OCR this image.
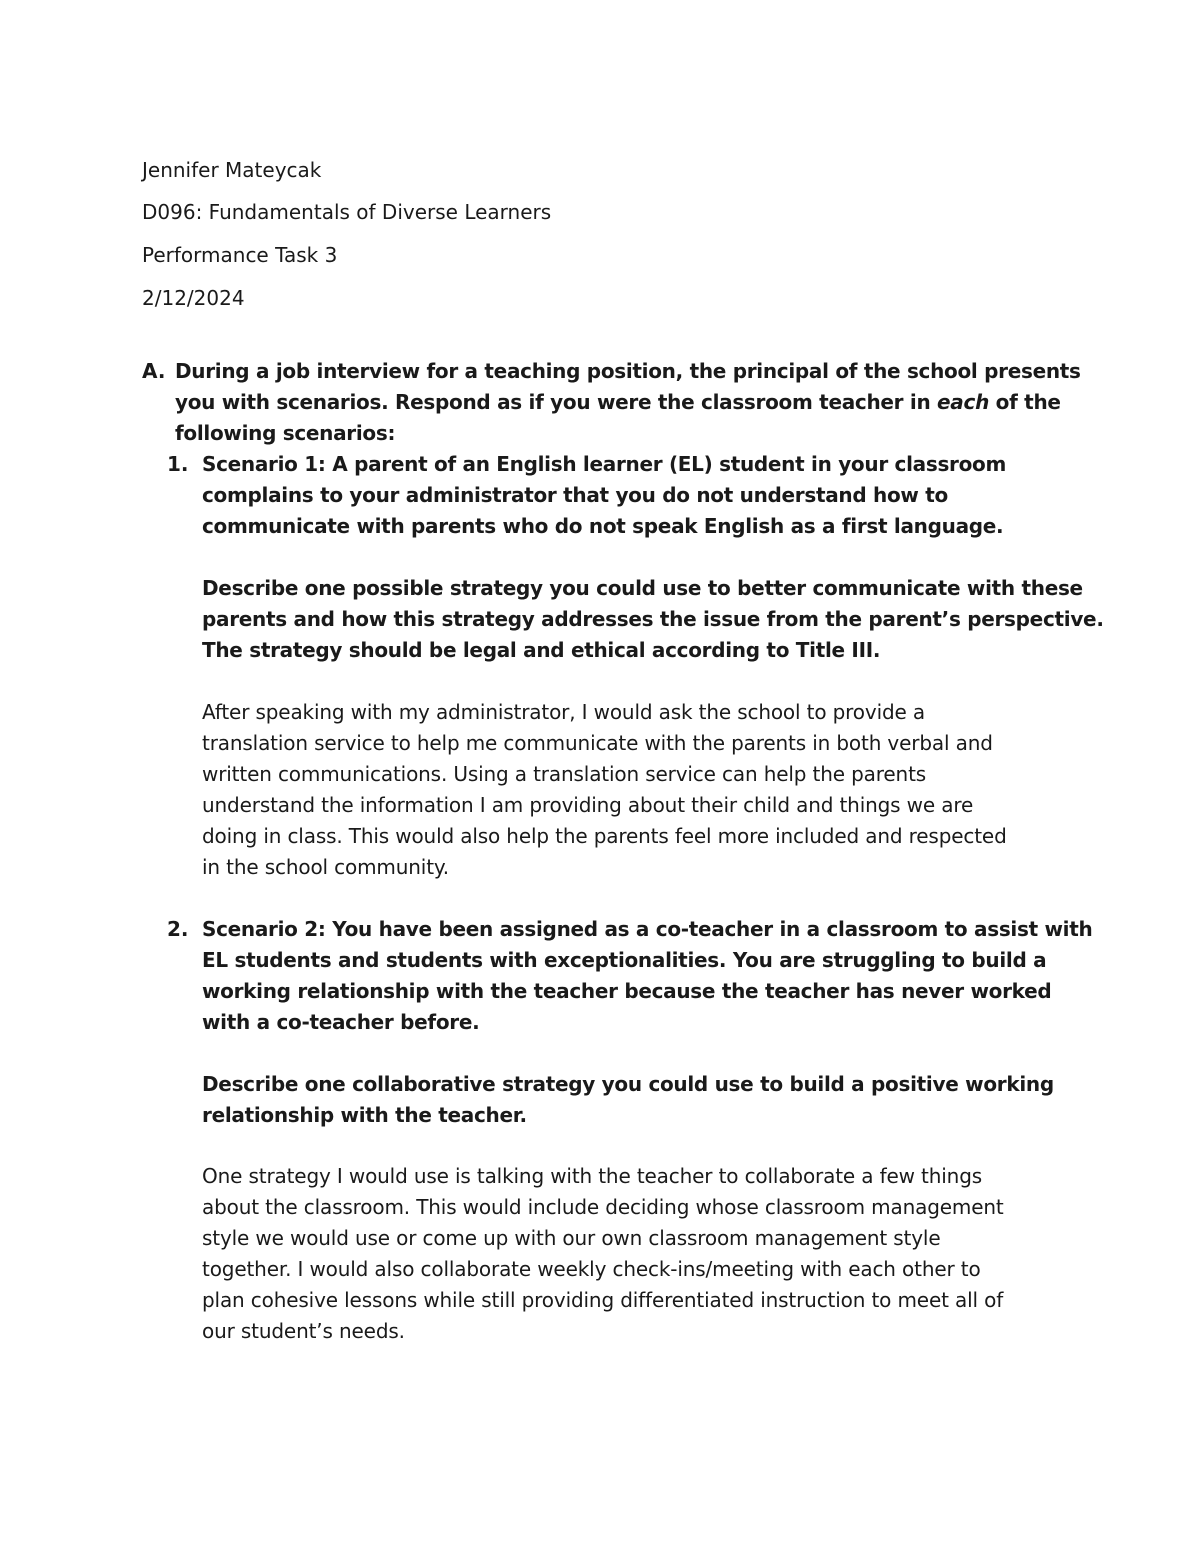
Jennifer Mateycak
D096: Fundamentals of Diverse Learners
Performance Task 3
2/12/2024
A. During a job interview for a teaching position, the principal of the school presents
you with scenarios. Respond as if you were the classroom teacher in each of the
following scenarios:
1. Scenario 1: A parent of an English learner (EL) student in your classroom
complains to your administrator that you do not understand how to
communicate with parents who do not speak English as a first language.
Describe one possible strategy you could use to better communicate with these
parents and how this strategy addresses the issue from the parent’s perspective.
The strategy should be legal and ethical according to Title III.
After speaking with my administrator, I would ask the school to provide a
translation service to help me communicate with the parents in both verbal and
written communications. Using a translation service can help the parents
understand the information I am providing about their child and things we are
doing in class. This would also help the parents feel more included and respected
in the school community.
2. Scenario 2: You have been assigned as a co-teacher in a classroom to assist with
EL students and students with exceptionalities. You are struggling to build a
working relationship with the teacher because the teacher has never worked
with a co-teacher before.
Describe one collaborative strategy you could use to build a positive working
relationship with the teacher.
One strategy I would use is talking with the teacher to collaborate a few things
about the classroom. This would include deciding whose classroom management
style we would use or come up with our own classroom management style
together. I would also collaborate weekly check-ins/meeting with each other to
plan cohesive lessons while still providing differentiated instruction to meet all of
our student’s needs.
